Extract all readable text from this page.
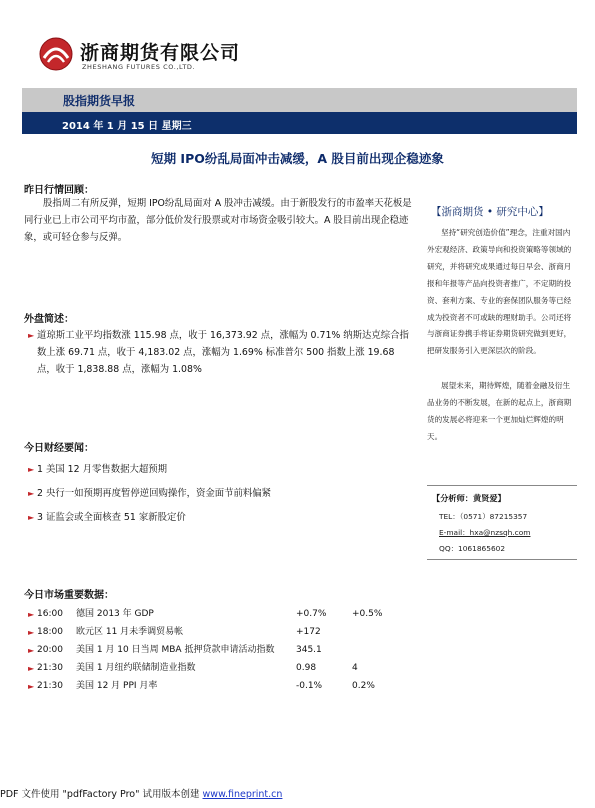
浙商期货有限公司
ZHESHANG FUTURES CO.,LTD.
股指期货早报
2014 年 1 月 15 日 星期三
短期 IPO纷乱局面冲击减缓，A 股目前出现企稳迹象
昨日行情回顾：
股指周二有所反弹，短期 IPO纷乱局面对 A 股冲击减缓。由于新股发行的市盈率天花板是同行业已上市公司平均市盈，部分低价发行股票或对市场资金吸引较大。A 股目前出现企稳迹象，或可轻仓参与反弹。
外盘简述：
► 道琼斯工业平均指数涨 115.98 点，收于 16,373.92 点，涨幅为 0.71% 纳斯达克综合指数上涨 69.71 点，收于 4,183.02 点，涨幅为 1.69% 标准普尔 500 指数上涨 19.68 点，收于 1,838.88 点，涨幅为 1.08%
今日财经要闻：
► 1 美国 12 月零售数据大超预期
► 2 央行一如预期再度暂停逆回购操作，资金面节前料偏紧
► 3 证监会或全面核查 51 家新股定价
【浙商期货 • 研究中心】
坚持“研究创造价值”理念，注重对国内外宏观经济、政策导向和投资策略等领域的研究，并将研究成果通过每日早会、浙商月报和年报等产品向投资者推广，不定期的投资、套利方案、专业的套保团队服务等已经成为投资者不可或缺的理财助手。公司还将与浙商证券携手将证券期货研究做到更好，把研发服务引入更深层次的阶段。
展望未来，期待辉煌，随着金融及衍生品业务的不断发展，在新的起点上，浙商期货的发展必将迎来一个更加灿烂辉煌的明天。
【分析师：黄贤爱】
TEL：（0571）87215357
E-mail：hxa@nzsqh.com
QQ：1061865602
今日市场重要数据：
► 16:00 德国 2013 年 GDP	+0.7%	+0.5%
► 18:00 欧元区 11 月未季调贸易帐	+172
► 20:00 美国 1 月 10 日当周 MBA 抵押贷款申请活动指数 345.1
► 21:30 美国 1 月纽约联储制造业指数	0.98	4
► 21:30 美国 12 月 PPI 月率	-0.1%	0.2%
PDF 文件使用 "pdfFactory Pro" 试用版本创建 www.fineprint.cn
